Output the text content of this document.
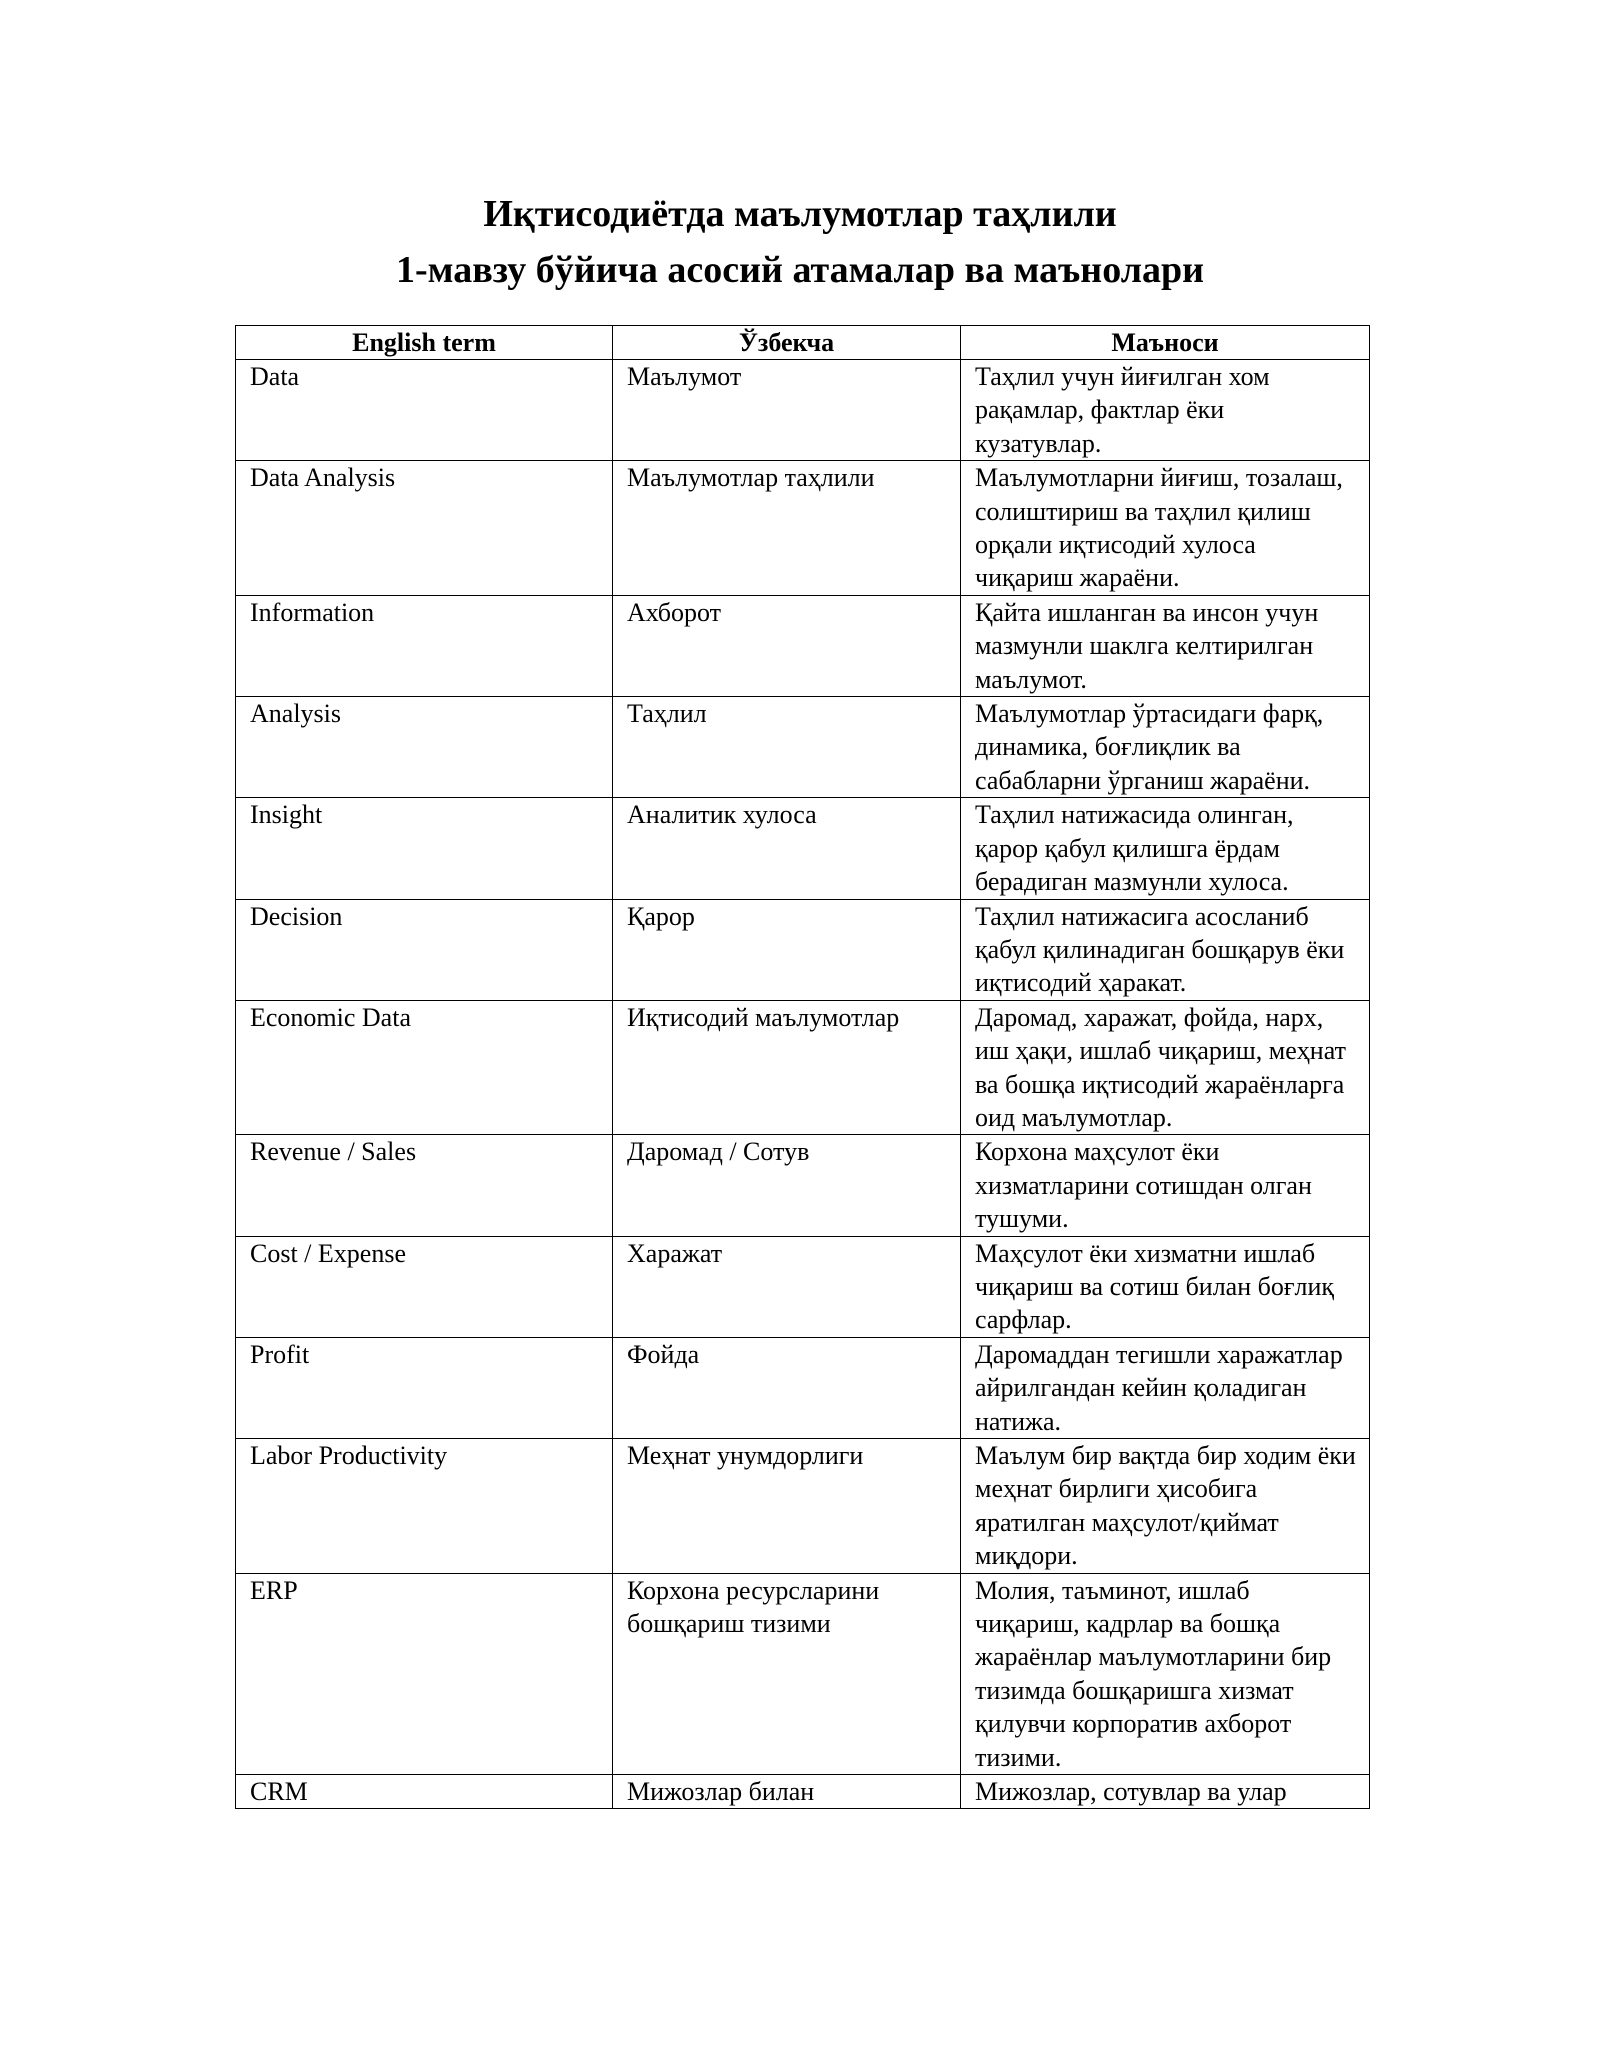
Иқтисодиётда маълумотлар таҳлили
1-мавзу бўйича асосий атамалар ва маънолари
English term	Ўзбекча	Маъноси
Data	Маълумот	Таҳлил учун йиғилган хом рақамлар, фактлар ёки кузатувлар.
Data Analysis	Маълумотлар таҳлили	Маълумотларни йиғиш, тозалаш, солиштириш ва таҳлил қилиш орқали иқтисодий хулоса чиқариш жараёни.
Information	Ахборот	Қайта ишланган ва инсон учун мазмунли шаклга келтирилган маълумот.
Analysis	Таҳлил	Маълумотлар ўртасидаги фарқ, динамика, боғлиқлик ва сабабларни ўрганиш жараёни.
Insight	Аналитик хулоса	Таҳлил натижасида олинган, қарор қабул қилишга ёрдам берадиган мазмунли хулоса.
Decision	Қарор	Таҳлил натижасига асосланиб қабул қилинадиган бошқарув ёки иқтисодий ҳаракат.
Economic Data	Иқтисодий маълумотлар	Даромад, харажат, фойда, нарх, иш ҳақи, ишлаб чиқариш, меҳнат ва бошқа иқтисодий жараёнларга оид маълумотлар.
Revenue / Sales	Даромад / Сотув	Корхона маҳсулот ёки хизматларини сотишдан олган тушуми.
Cost / Expense	Харажат	Маҳсулот ёки хизматни ишлаб чиқариш ва сотиш билан боғлиқ сарфлар.
Profit	Фойда	Даромаддан тегишли харажатлар айрилгандан кейин қоладиган натижа.
Labor Productivity	Меҳнат унумдорлиги	Маълум бир вақтда бир ходим ёки меҳнат бирлиги ҳисобига яратилган маҳсулот/қиймат миқдори.
ERP	Корхона ресурсларини бошқариш тизими	Молия, таъминот, ишлаб чиқариш, кадрлар ва бошқа жараёнлар маълумотларини бир тизимда бошқаришга хизмат қилувчи корпоратив ахборот тизими.
CRM	Мижозлар билан	Мижозлар, сотувлар ва улар
